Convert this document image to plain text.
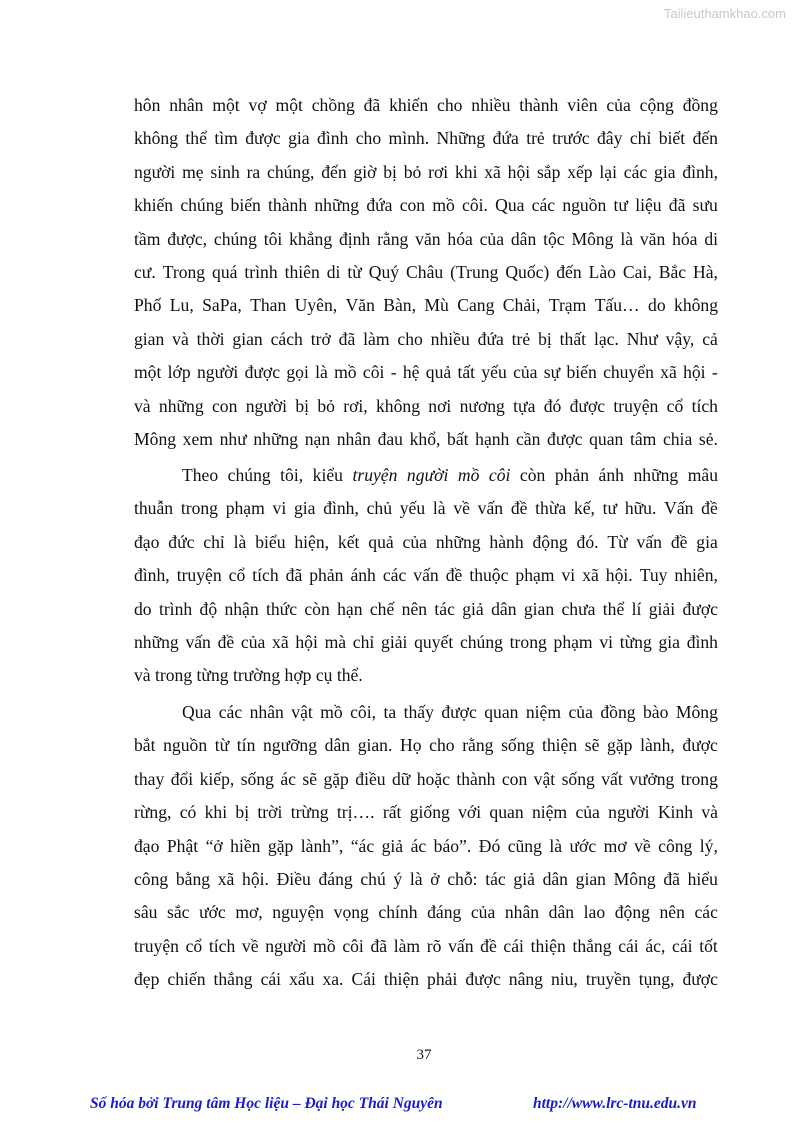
Tailieuthamkhao.com
hôn nhân một vợ một chồng đã khiến cho nhiều thành viên của cộng đồng
không thể tìm được gia đình cho mình. Những đứa trẻ trước đây chỉ biết đến
người mẹ sinh ra chúng, đến giờ bị bỏ rơi khi xã hội sắp xếp lại các gia đình,
khiến chúng biến thành những đứa con mồ côi. Qua các nguồn tư liệu đã sưu
tầm được, chúng tôi khẳng định rằng văn hóa của dân tộc Mông là văn hóa di
cư. Trong quá trình thiên di từ Quý Châu (Trung Quốc) đến Lào Cai, Bắc Hà,
Phố Lu, SaPa, Than Uyên, Văn Bàn, Mù Cang Chải, Trạm Tấu… do không
gian và thời gian cách trở đã làm cho nhiều đứa trẻ bị thất lạc. Như vậy, cả
một lớp người được gọi là mồ côi - hệ quả tất yếu của sự biến chuyển xã hội -
và những con người bị bỏ rơi, không nơi nương tựa đó được truyện cổ tích
Mông xem như những nạn nhân đau khổ, bất hạnh cần được quan tâm chia sẻ.
Theo chúng tôi, kiểu truyện người mồ côi còn phản ánh những mâu
thuẫn trong phạm vi gia đình, chủ yếu là về vấn đề thừa kế, tư hữu. Vấn đề
đạo đức chỉ là biểu hiện, kết quả của những hành động đó. Từ vấn đề gia
đình, truyện cổ tích đã phản ánh các vấn đề thuộc phạm vi xã hội. Tuy nhiên,
do trình độ nhận thức còn hạn chế nên tác giả dân gian chưa thể lí giải được
những vấn đề của xã hội mà chỉ giải quyết chúng trong phạm vi từng gia đình
và trong từng trường hợp cụ thể.
Qua các nhân vật mồ côi, ta thấy được quan niệm của đồng bào Mông
bắt nguồn từ tín ngưỡng dân gian. Họ cho rằng sống thiện sẽ gặp lành, được
thay đổi kiếp, sống ác sẽ gặp điều dữ hoặc thành con vật sống vất vưởng trong
rừng, có khi bị trời trừng trị…. rất giống với quan niệm của người Kinh và
đạo Phật “ở hiền gặp lành”, “ác giả ác báo”. Đó cũng là ước mơ về công lý,
công bằng xã hội. Điều đáng chú ý là ở chỗ: tác giả dân gian Mông đã hiểu
sâu sắc ước mơ, nguyện vọng chính đáng của nhân dân lao động nên các
truyện cổ tích về người mồ côi đã làm rõ vấn đề cái thiện thắng cái ác, cái tốt
đẹp chiến thắng cái xấu xa. Cái thiện phải được nâng niu, truyền tụng, được
37
Số hóa bởi Trung tâm Học liệu – Đại học Thái Nguyên	http://www.lrc-tnu.edu.vn
